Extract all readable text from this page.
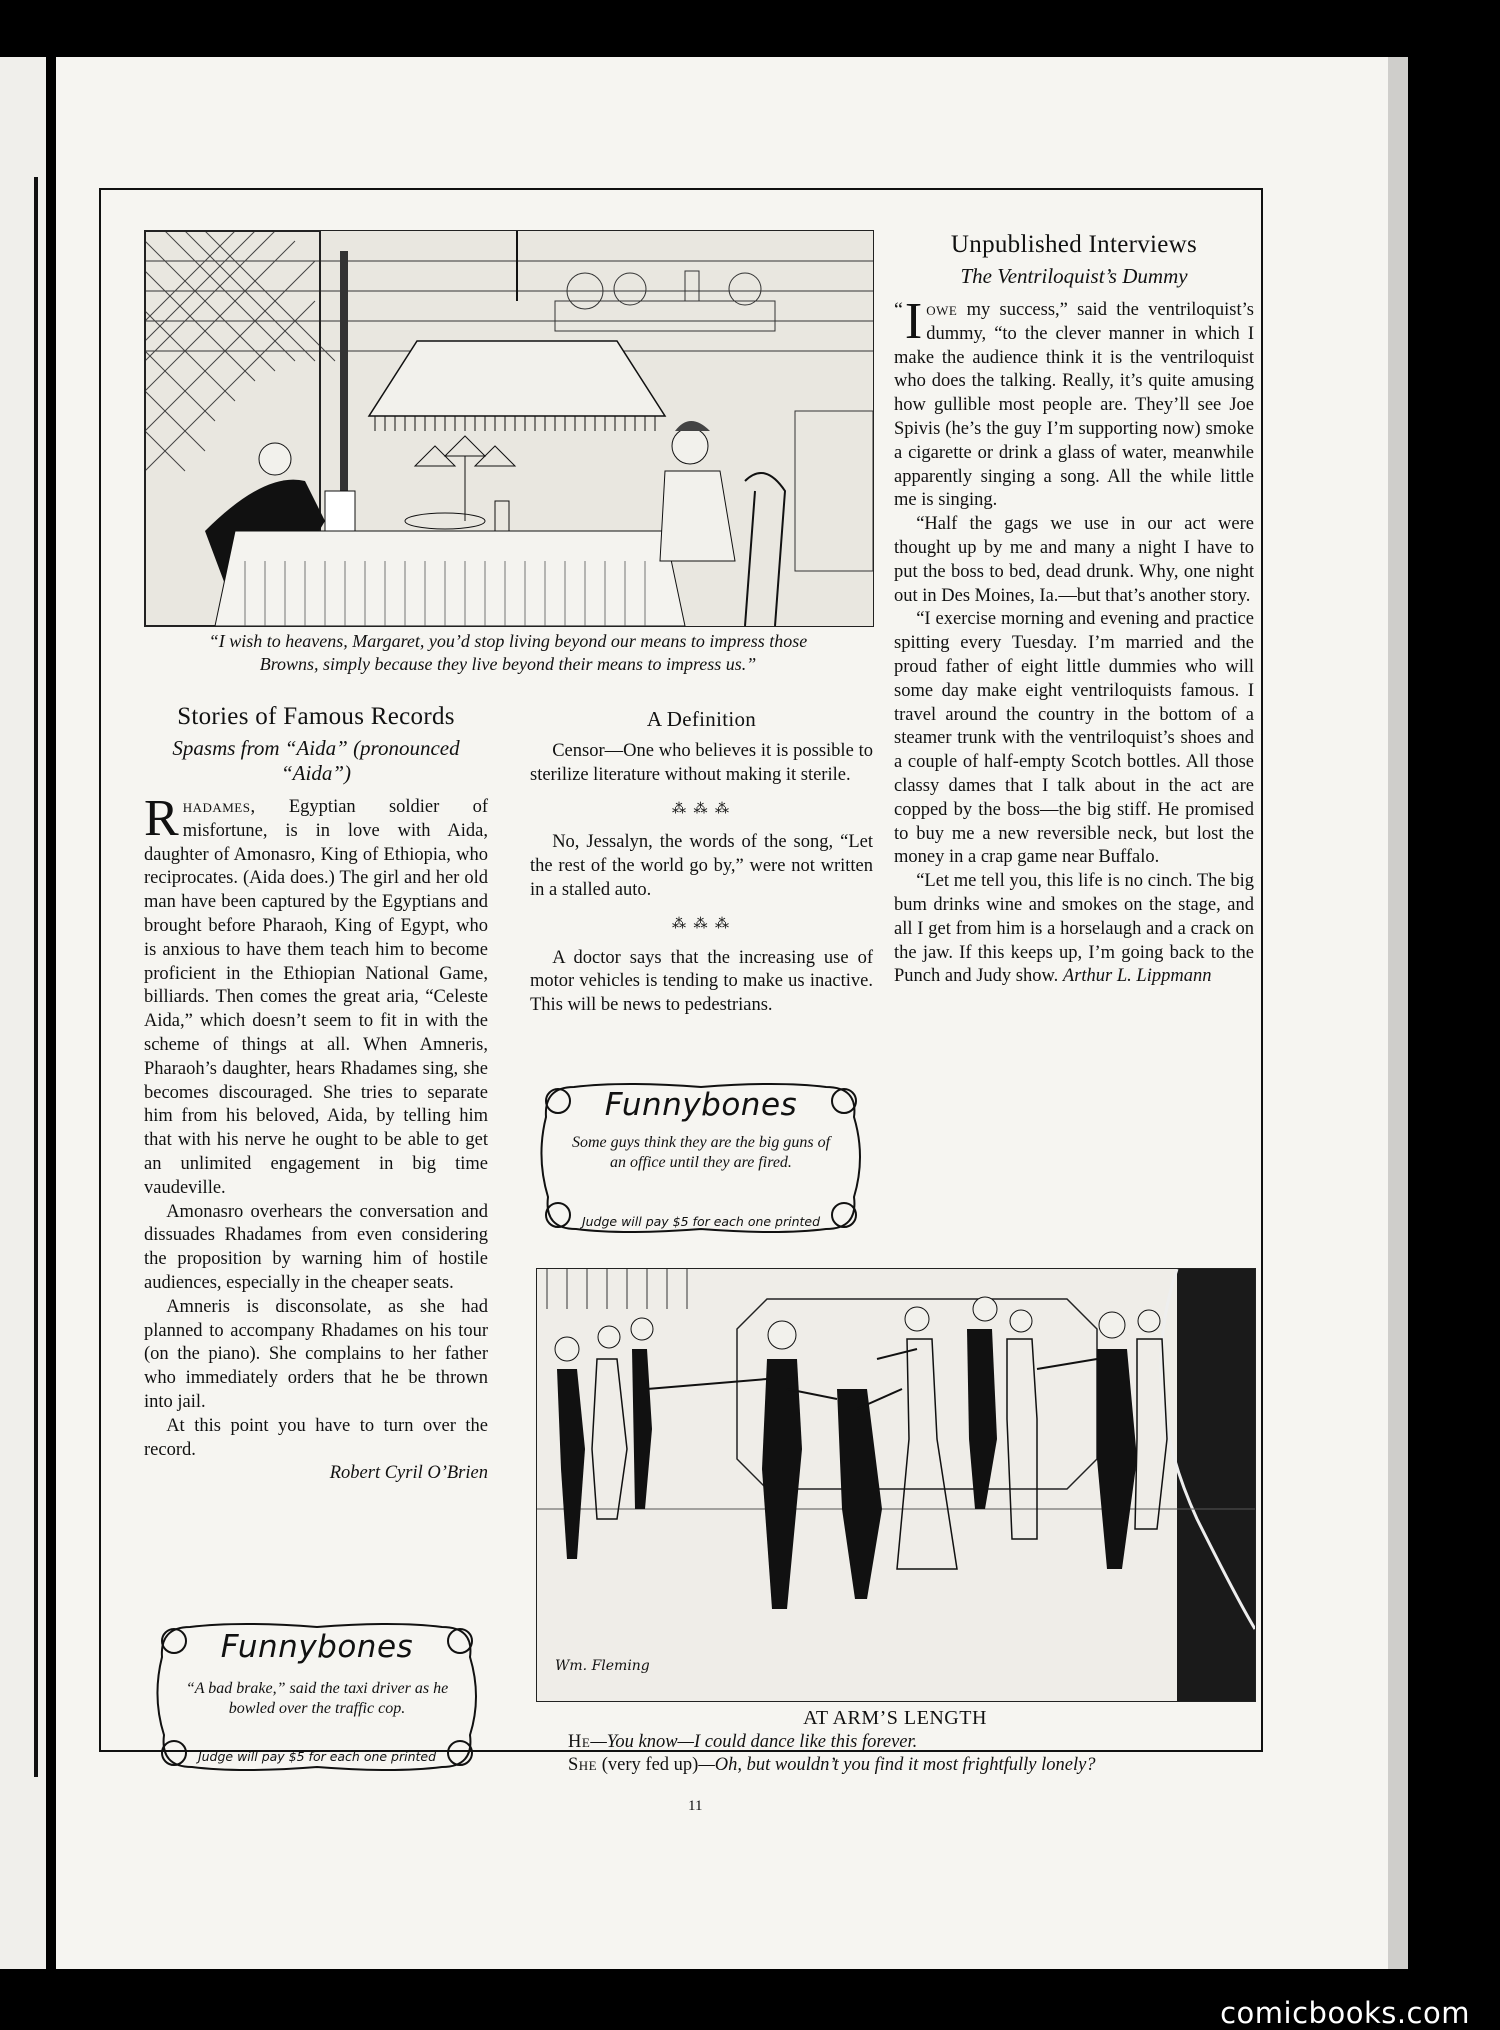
“I wish to heavens, Margaret, you’d stop living beyond our means to impress those
Browns, simply because they live beyond their means to impress us.”
Unpublished Interviews
The Ventriloquist’s Dummy

“ I owe my success,” said the ventriloquist’s dummy, “to the clever manner in which I make the audience think it is the ventriloquist who does the talking. Really, it’s quite amusing how gullible most people are. They’ll see Joe Spivis (he’s the guy I’m supporting now) smoke a cigarette or drink a glass of water, meanwhile apparently singing a song. All the while little me is singing.

“Half the gags we use in our act were thought up by me and many a night I have to put the boss to bed, dead drunk. Why, one night out in Des Moines, Ia.—but that’s another story.

“I exercise morning and evening and practice spitting every Tuesday. I’m married and the proud father of eight little dummies who will some day make eight ventriloquists famous. I travel around the country in the bottom of a steamer trunk with the ventriloquist’s shoes and a couple of half-empty Scotch bottles. All those classy dames that I talk about in the act are copped by the boss—the big stiff. He promised to buy me a new reversible neck, but lost the money in a crap game near Buffalo.

“Let me tell you, this life is no cinch. The big bum drinks wine and smokes on the stage, and all I get from him is a horselaugh and a crack on the jaw. If this keeps up, I’m going back to the Punch and Judy show. Arthur L. Lippmann

Stories of Famous Records
Spasms from “Aida” (pronounced “Aida”)

Rhadames, Egyptian soldier of misfortune, is in love with Aida, daughter of Amonasro, King of Ethiopia, who reciprocates. (Aida does.) The girl and her old man have been captured by the Egyptians and brought before Pharaoh, King of Egypt, who is anxious to have them teach him to become proficient in the Ethiopian National Game, billiards. Then comes the great aria, “Celeste Aida,” which doesn’t seem to fit in with the scheme of things at all. When Amneris, Pharaoh’s daughter, hears Rhadames sing, she becomes discouraged. She tries to separate him from his beloved, Aida, by telling him that with his nerve he ought to be able to get an unlimited engagement in big time vaudeville.

Amonasro overhears the conversation and dissuades Rhadames from even considering the proposition by warning him of hostile audiences, especially in the cheaper seats.

Amneris is disconsolate, as she had planned to accompany Rhadames on his tour (on the piano). She complains to her father who immediately orders that he be thrown into jail.

At this point you have to turn over the record.

Robert Cyril O’Brien
A Definition

Censor—One who believes it is possible to sterilize literature without making it sterile.

⁂ ⁂ ⁂

No, Jessalyn, the words of the song, “Let the rest of the world go by,” were not written in a stalled auto.

⁂ ⁂ ⁂

A doctor says that the increasing use of motor vehicles is tending to make us inactive. This will be news to pedestrians.

Funnybones
Some guys think they are the big guns of an office until they are fired.
Judge will pay $5 for each one printed
Funnybones
“A bad brake,” said the taxi driver as he bowled over the traffic cop.
Judge will pay $5 for each one printed
Wm. Fleming
AT ARM’S LENGTH
He—You know—I could dance like this forever.
She (very fed up)—Oh, but wouldn’t you find it most frightfully lonely?
11
comicbooks.com
